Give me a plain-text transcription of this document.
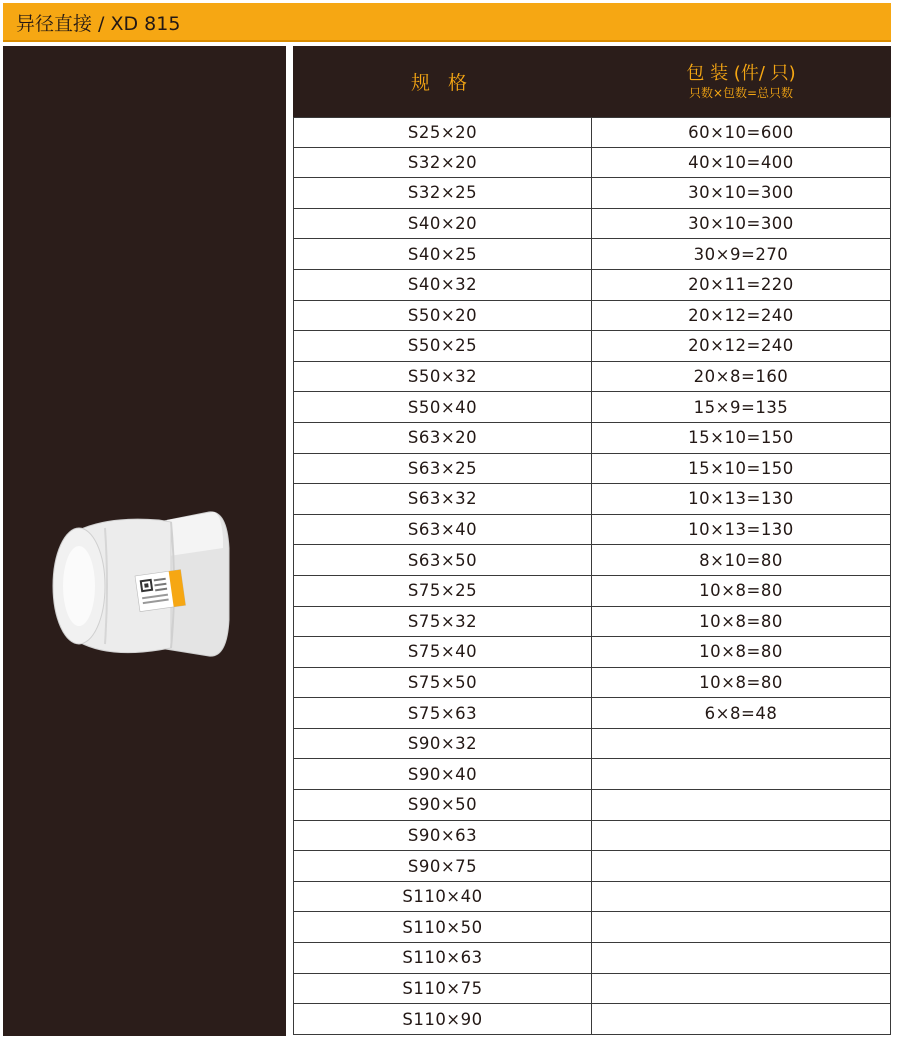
异径直接 / XD 815
规 格	包 装 (件/ 只)
只数×包数=总只数
S25×20	60×10=600
S32×20	40×10=400
S32×25	30×10=300
S40×20	30×10=300
S40×25	30×9=270
S40×32	20×11=220
S50×20	20×12=240
S50×25	20×12=240
S50×32	20×8=160
S50×40	15×9=135
S63×20	15×10=150
S63×25	15×10=150
S63×32	10×13=130
S63×40	10×13=130
S63×50	8×10=80
S75×25	10×8=80
S75×32	10×8=80
S75×40	10×8=80
S75×50	10×8=80
S75×63	6×8=48
S90×32
S90×40
S90×50
S90×63
S90×75
S110×40
S110×50
S110×63
S110×75
S110×90
